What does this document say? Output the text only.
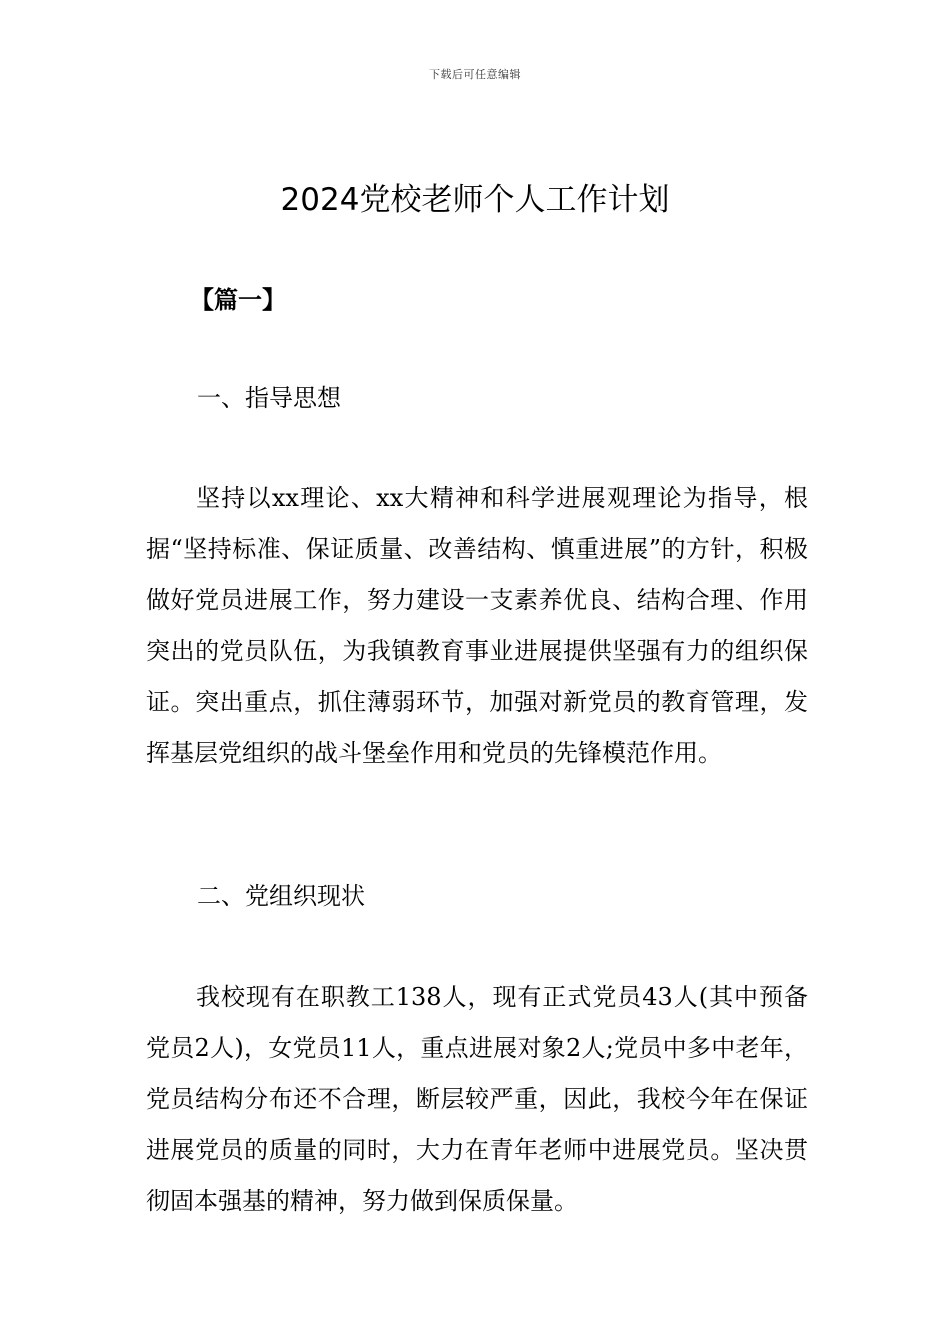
下载后可任意编辑
2024党校老师个人工作计划
【篇一】
一、指导思想

坚持以xx理论、xx大精神和科学进展观理论为指导，根据“坚持标准、保证质量、改善结构、慎重进展”的方针，积极做好党员进展工作，努力建设一支素养优良、结构合理、作用突出的党员队伍，为我镇教育事业进展提供坚强有力的组织保证。突出重点，抓住薄弱环节，加强对新党员的教育管理，发挥基层党组织的战斗堡垒作用和党员的先锋模范作用。

二、党组织现状

我校现有在职教工138人，现有正式党员43人(其中预备党员2人)，女党员11人，重点进展对象2人;党员中多中老年，党员结构分布还不合理，断层较严重，因此，我校今年在保证进展党员的质量的同时，大力在青年老师中进展党员。坚决贯彻固本强基的精神，努力做到保质保量。
